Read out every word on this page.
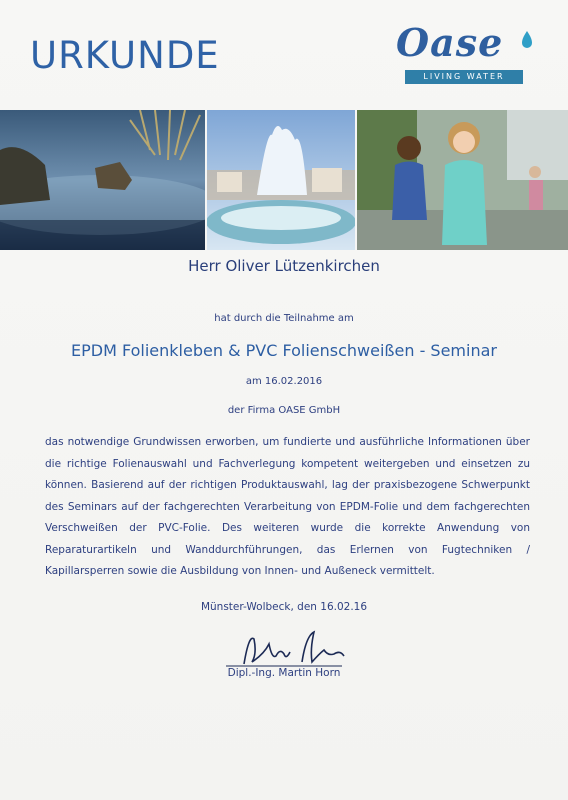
URKUNDE	Oase
LIVING WATER
Herr Oliver Lützenkirchen
hat durch die Teilnahme am
EPDM Folienkleben & PVC Folienschweißen - Seminar
am 16.02.2016
der Firma OASE GmbH
das notwendige Grundwissen erworben, um fundierte und ausführliche Informationen über die richtige Folienauswahl und Fachverlegung kompetent weitergeben und einsetzen zu können. Basierend auf der richtigen Produktauswahl, lag der praxisbezogene Schwerpunkt des Seminars auf der fachgerechten Verarbeitung von EPDM-Folie und dem fachgerechten Verschweißen der PVC-Folie. Des weiteren wurde die korrekte Anwendung von Reparaturartikeln und Wanddurchführungen, das Erlernen von Fugtechniken / Kapillarsperren sowie die Ausbildung von Innen- und Außeneck vermittelt.
Münster-Wolbeck, den 16.02.16
Dipl.-Ing. Martin Horn
